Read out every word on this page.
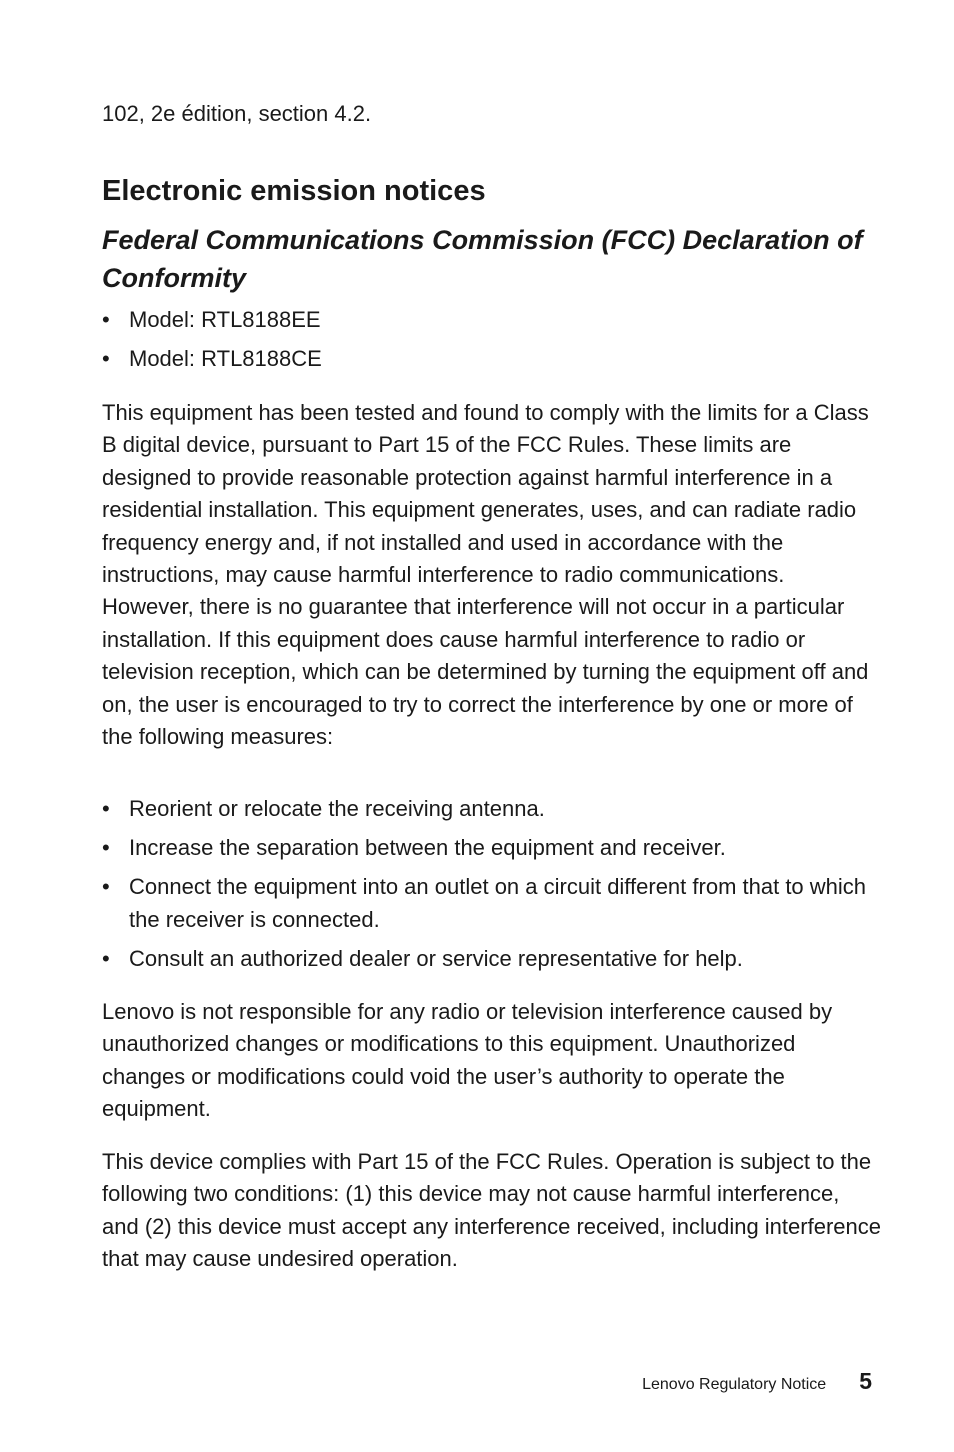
102, 2e édition, section 4.2.
Electronic emission notices
Federal Communications Commission (FCC) Declaration of Conformity
• Model: RTL8188EE
• Model: RTL8188CE

This equipment has been tested and found to comply with the limits for a Class B digital device, pursuant to Part 15 of the FCC Rules. These limits are designed to provide reasonable protection against harmful interference in a residential installation. This equipment generates, uses, and can radiate radio frequency energy and, if not installed and used in accordance with the instructions, may cause harmful interference to radio communications. However, there is no guarantee that interference will not occur in a particular installation. If this equipment does cause harmful interference to radio or television reception, which can be determined by turning the equipment off and on, the user is encouraged to try to correct the interference by one or more of the following measures:

• Reorient or relocate the receiving antenna.
• Increase the separation between the equipment and receiver.
• Connect the equipment into an outlet on a circuit different from that to which the receiver is connected.
• Consult an authorized dealer or service representative for help.

Lenovo is not responsible for any radio or television interference caused by unauthorized changes or modifications to this equipment. Unauthorized changes or modifications could void the user’s authority to operate the equipment.

This device complies with Part 15 of the FCC Rules. Operation is subject to the following two conditions: (1) this device may not cause harmful interference, and (2) this device must accept any interference received, including interference that may cause undesired operation.

Lenovo Regulatory Notice 5
